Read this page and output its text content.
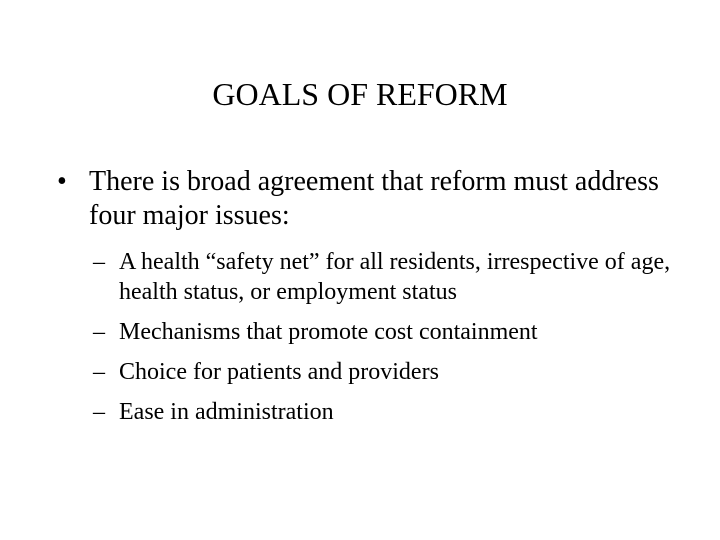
GOALS OF REFORM
• There is broad agreement that reform must address four major issues:
– A health “safety net” for all residents, irrespective of age, health status, or employment status
– Mechanisms that promote cost containment
– Choice for patients and providers
– Ease in administration
